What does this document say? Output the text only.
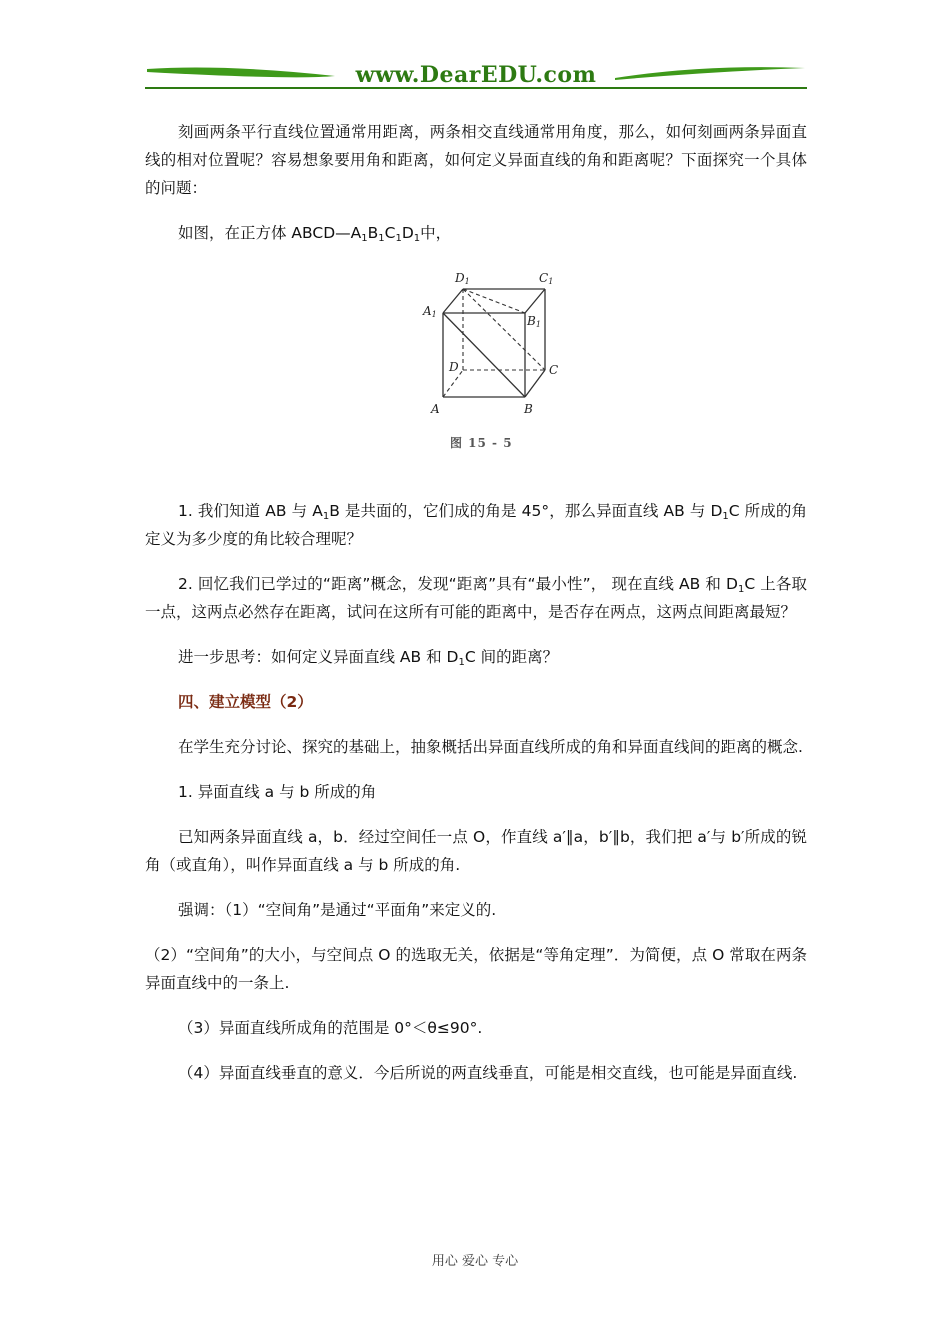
www.DearEDU.com

刻画两条平行直线位置通常用距离，两条相交直线通常用角度，那么，如何刻画两条异面直线的相对位置呢？容易想象要用角和距离，如何定义异面直线的角和距离呢？下面探究一个具体的问题：

如图，在正方体 $ABCD—A_1B_1C_1D_1$中，

1. 我们知道 AB 与 $A_1B$ 是共面的，它们成的角是 45°，那么异面直线 AB 与 $D_1C$ 所成的角定义为多少度的角比较合理呢？

2. 回忆我们已学过的“距离”概念，发现“距离”具有“最小性”， 现在直线 AB 和 $D_1C$ 上各取一点，这两点必然存在距离，试问在这所有可能的距离中，是否存在两点，这两点间距离最短？

进一步思考：如何定义异面直线 AB 和 $D_1C$ 间的距离？

四、建立模型（2）

在学生充分讨论、探究的基础上，抽象概括出异面直线所成的角和异面直线间的距离的概念.

1. 异面直线 a 与 b 所成的角

已知两条异面直线 a，b．经过空间任一点 O，作直线 a′∥a，b′∥b，我们把 a′与 b′所成的锐角（或直角），叫作异面直线 a 与 b 所成的角.

强调：（1）“空间角”是通过“平面角”来定义的.

（2）“空间角”的大小，与空间点 O 的选取无关，依据是“等角定理”．为简便，点 O 常取在两条异面直线中的一条上.

（3）异面直线所成角的范围是 0°＜θ≤90°.

（4）异面直线垂直的意义．今后所说的两直线垂直，可能是相交直线，也可能是异面直线.

D1	C1
A1	B1
D	C
A	B
图 15 - 5
用心 爱心 专心
